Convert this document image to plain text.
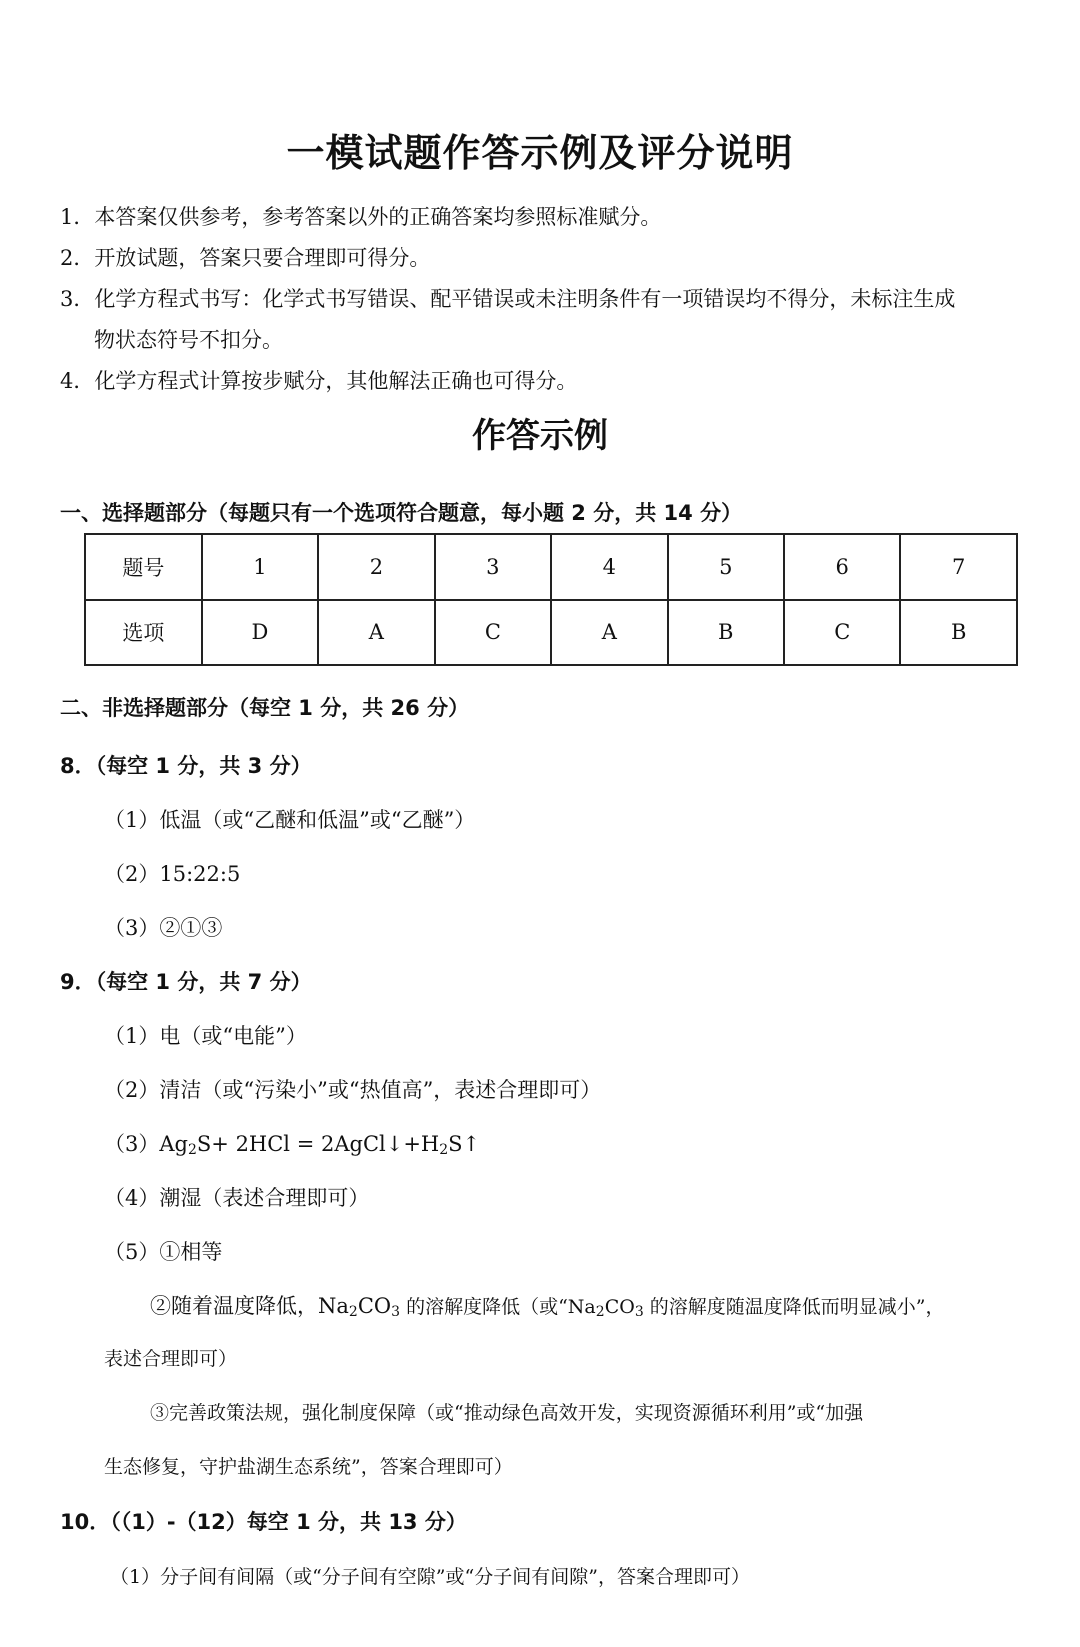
一模试题作答示例及评分说明
1．本答案仅供参考，参考答案以外的正确答案均参照标准赋分。
2．开放试题，答案只要合理即可得分。
3．化学方程式书写：化学式书写错误、配平错误或未注明条件有一项错误均不得分，未标注生成
物状态符号不扣分。
4．化学方程式计算按步赋分，其他解法正确也可得分。
作答示例
一、选择题部分（每题只有一个选项符合题意，每小题 2 分，共 14 分）
题号	1	2	3	4	5	6	7
选项	D	A	C	A	B	C	B
二、非选择题部分（每空 1 分，共 26 分）
8．（每空 1 分，共 3 分）
（1）低温（或“乙醚和低温”或“乙醚”）
（2）15:22:5
（3）②①③
9．（每空 1 分，共 7 分）
（1）电（或“电能”）
（2）清洁（或“污染小”或“热值高”，表述合理即可）
$(3)Ag_2S+ 2HCl$ = $2AgCl↓+H_2S↑$
（4）潮湿（表述合理即可）
（5）①相等
②随着温度降低，$Na_2CO_3$ 的溶解度降低（或“$Na_2CO_3$ 的溶解度随温度降低而明显减小”，
表述合理即可）
③完善政策法规，强化制度保障（或“推动绿色高效开发，实现资源循环利用”或“加强
生态修复，守护盐湖生态系统”，答案合理即可）
10．（（1）-（12）每空 1 分，共 13 分）
（1）分子间有间隔（或“分子间有空隙”或“分子间有间隙”，答案合理即可）
